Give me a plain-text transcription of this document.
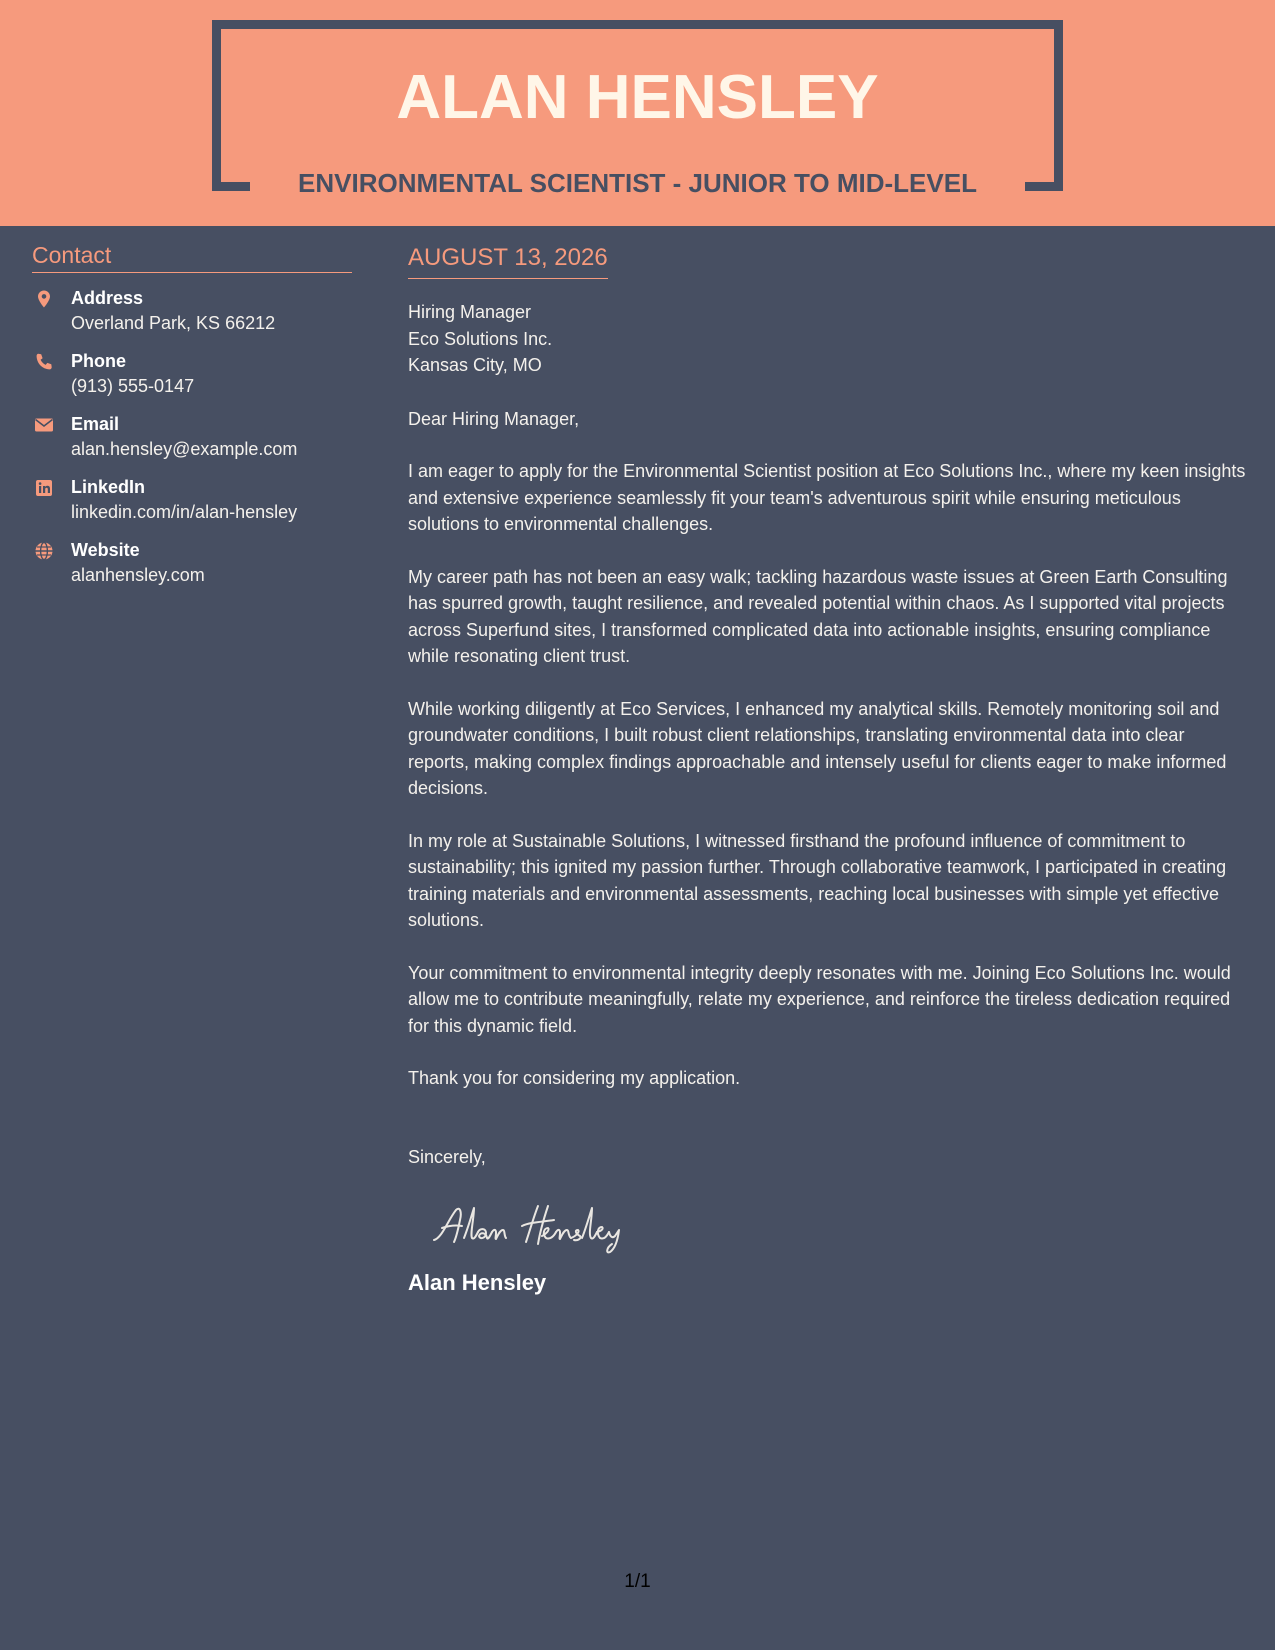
ALAN HENSLEY
ENVIRONMENTAL SCIENTIST - JUNIOR TO MID-LEVEL
Contact
Address
Overland Park, KS 66212
Phone
(913) 555-0147
Email
alan.hensley@example.com
LinkedIn
linkedin.com/in/alan-hensley
Website
alanhensley.com
AUGUST 13, 2026
Hiring Manager
Eco Solutions Inc.
Kansas City, MO

Dear Hiring Manager,

I am eager to apply for the Environmental Scientist position at Eco Solutions Inc., where my keen insights and extensive experience seamlessly fit your team's adventurous spirit while ensuring meticulous solutions to environmental challenges.

My career path has not been an easy walk; tackling hazardous waste issues at Green Earth Consulting has spurred growth, taught resilience, and revealed potential within chaos. As I supported vital projects across Superfund sites, I transformed complicated data into actionable insights, ensuring compliance while resonating client trust.

While working diligently at Eco Services, I enhanced my analytical skills. Remotely monitoring soil and groundwater conditions, I built robust client relationships, translating environmental data into clear reports, making complex findings approachable and intensely useful for clients eager to make informed decisions.

In my role at Sustainable Solutions, I witnessed firsthand the profound influence of commitment to sustainability; this ignited my passion further. Through collaborative teamwork, I participated in creating training materials and environmental assessments, reaching local businesses with simple yet effective solutions.

Your commitment to environmental integrity deeply resonates with me. Joining Eco Solutions Inc. would allow me to contribute meaningfully, relate my experience, and reinforce the tireless dedication required for this dynamic field.

Thank you for considering my application.

Sincerely,

Alan Hensley
1/1
